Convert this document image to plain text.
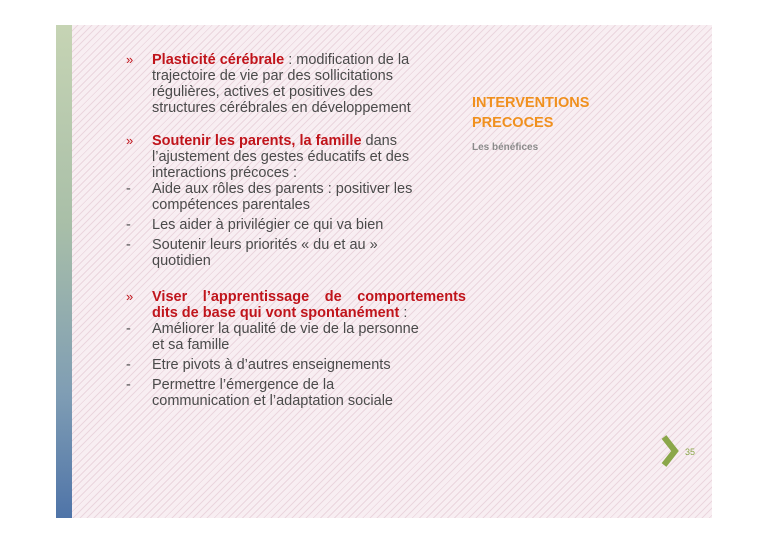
» Plasticité cérébrale : modification de la
trajectoire de vie par des sollicitations
régulières, actives et positives des
structures cérébrales en développement
» Soutenir les parents, la famille dans
l’ajustement des gestes éducatifs et des
interactions précoces :
- Aide aux rôles des parents : positiver les
compétences parentales
- Les aider à privilégier ce qui va bien
- Soutenir leurs priorités « du et au »
quotidien
» Viser l’apprentissage de comportements
dits de base qui vont spontanément :
- Améliorer la qualité de vie de la personne
et sa famille
- Etre pivots à d’autres enseignements
- Permettre l’émergence de la
communication et l’adaptation sociale
INTERVENTIONS
PRECOCES
Les bénéfices
35
